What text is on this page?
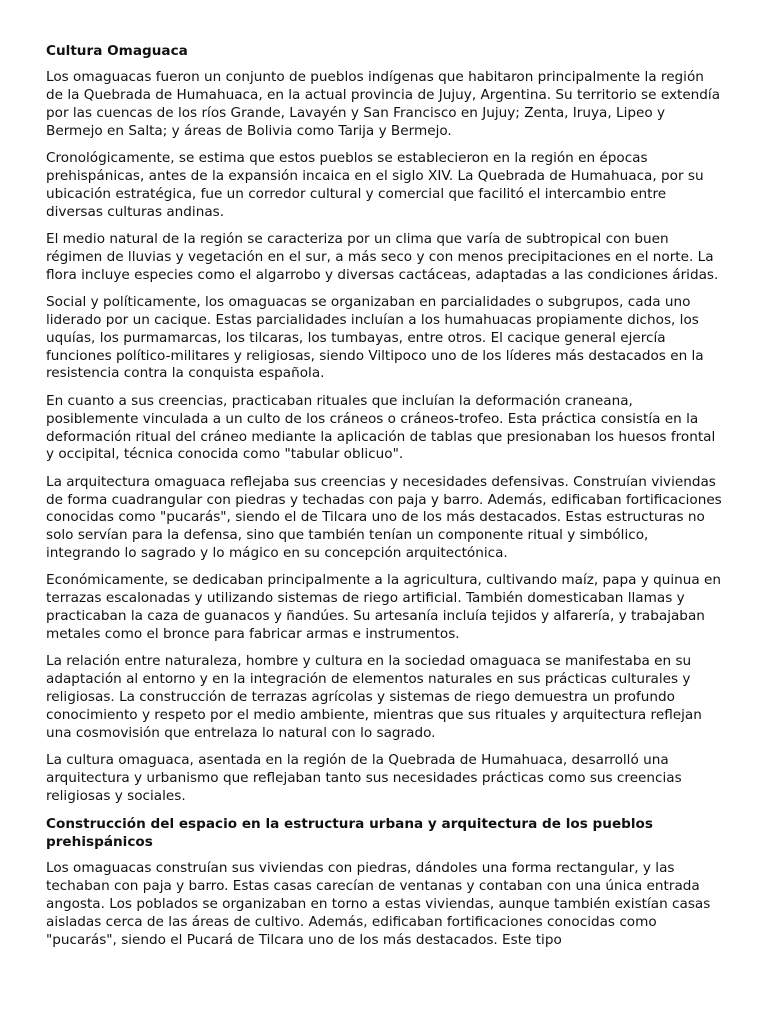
Cultura Omaguaca

Los omaguacas fueron un conjunto de pueblos indígenas que habitaron principalmente la región de la Quebrada de Humahuaca, en la actual provincia de Jujuy, Argentina. Su territorio se extendía por las cuencas de los ríos Grande, Lavayén y San Francisco en Jujuy; Zenta, Iruya, Lipeo y Bermejo en Salta; y áreas de Bolivia como Tarija y Bermejo.

Cronológicamente, se estima que estos pueblos se establecieron en la región en épocas prehispánicas, antes de la expansión incaica en el siglo XIV. La Quebrada de Humahuaca, por su ubicación estratégica, fue un corredor cultural y comercial que facilitó el intercambio entre diversas culturas andinas.

El medio natural de la región se caracteriza por un clima que varía de subtropical con buen régimen de lluvias y vegetación en el sur, a más seco y con menos precipitaciones en el norte. La flora incluye especies como el algarrobo y diversas cactáceas, adaptadas a las condiciones áridas.

Social y políticamente, los omaguacas se organizaban en parcialidades o subgrupos, cada uno liderado por un cacique. Estas parcialidades incluían a los humahuacas propiamente dichos, los uquías, los purmamarcas, los tilcaras, los tumbayas, entre otros. El cacique general ejercía funciones político-militares y religiosas, siendo Viltipoco uno de los líderes más destacados en la resistencia contra la conquista española.

En cuanto a sus creencias, practicaban rituales que incluían la deformación craneana, posiblemente vinculada a un culto de los cráneos o cráneos-trofeo. Esta práctica consistía en la deformación ritual del cráneo mediante la aplicación de tablas que presionaban los huesos frontal y occipital, técnica conocida como "tabular oblicuo".

La arquitectura omaguaca reflejaba sus creencias y necesidades defensivas. Construían viviendas de forma cuadrangular con piedras y techadas con paja y barro. Además, edificaban fortificaciones conocidas como "pucarás", siendo el de Tilcara uno de los más destacados. Estas estructuras no solo servían para la defensa, sino que también tenían un componente ritual y simbólico, integrando lo sagrado y lo mágico en su concepción arquitectónica.

Económicamente, se dedicaban principalmente a la agricultura, cultivando maíz, papa y quinua en terrazas escalonadas y utilizando sistemas de riego artificial. También domesticaban llamas y practicaban la caza de guanacos y ñandúes. Su artesanía incluía tejidos y alfarería, y trabajaban metales como el bronce para fabricar armas e instrumentos.

La relación entre naturaleza, hombre y cultura en la sociedad omaguaca se manifestaba en su adaptación al entorno y en la integración de elementos naturales en sus prácticas culturales y religiosas. La construcción de terrazas agrícolas y sistemas de riego demuestra un profundo conocimiento y respeto por el medio ambiente, mientras que sus rituales y arquitectura reflejan una cosmovisión que entrelaza lo natural con lo sagrado.

La cultura omaguaca, asentada en la región de la Quebrada de Humahuaca, desarrolló una arquitectura y urbanismo que reflejaban tanto sus necesidades prácticas como sus creencias religiosas y sociales.

Construcción del espacio en la estructura urbana y arquitectura de los pueblos prehispánicos

Los omaguacas construían sus viviendas con piedras, dándoles una forma rectangular, y las techaban con paja y barro. Estas casas carecían de ventanas y contaban con una única entrada angosta. Los poblados se organizaban en torno a estas viviendas, aunque también existían casas aisladas cerca de las áreas de cultivo. Además, edificaban fortificaciones conocidas como "pucarás", siendo el Pucará de Tilcara uno de los más destacados. Este tipo
